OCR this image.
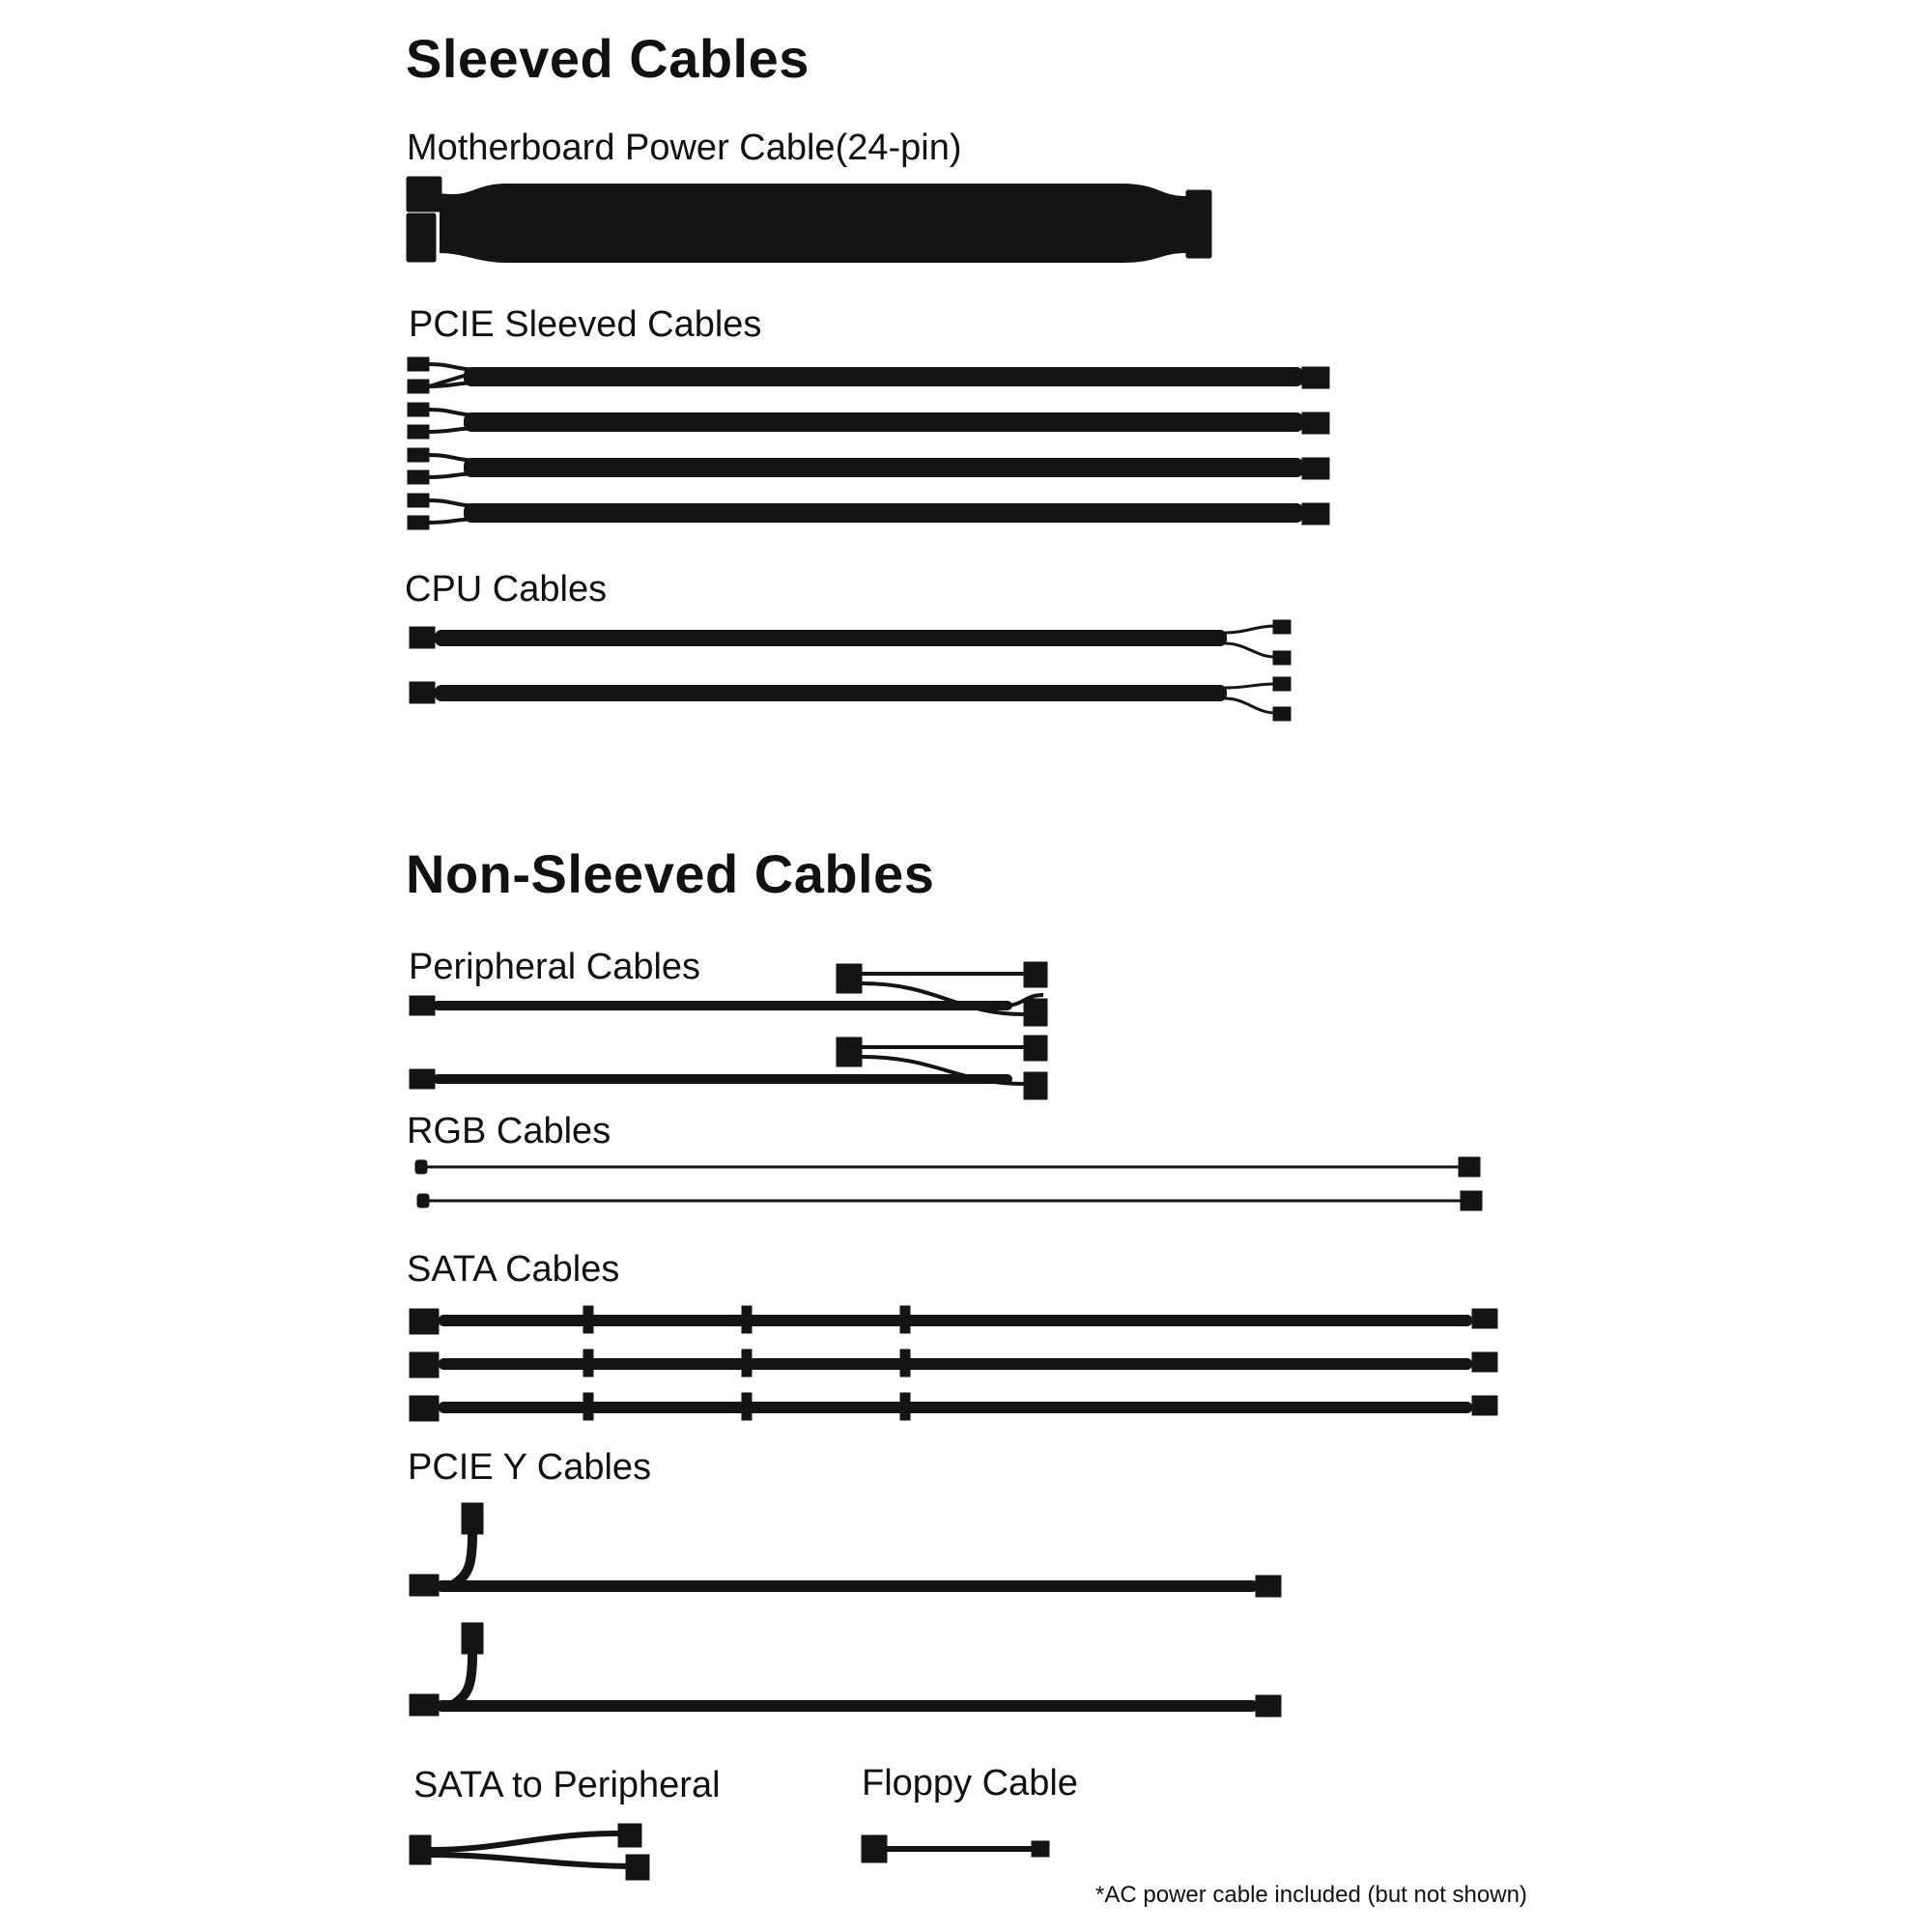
Sleeved Cables
Motherboard Power Cable(24-pin)
PCIE Sleeved Cables
CPU Cables
Non-Sleeved Cables
Peripheral Cables
RGB Cables
SATA Cables
PCIE Y Cables
SATA to Peripheral	Floppy Cable
*AC power cable included (but not shown)
